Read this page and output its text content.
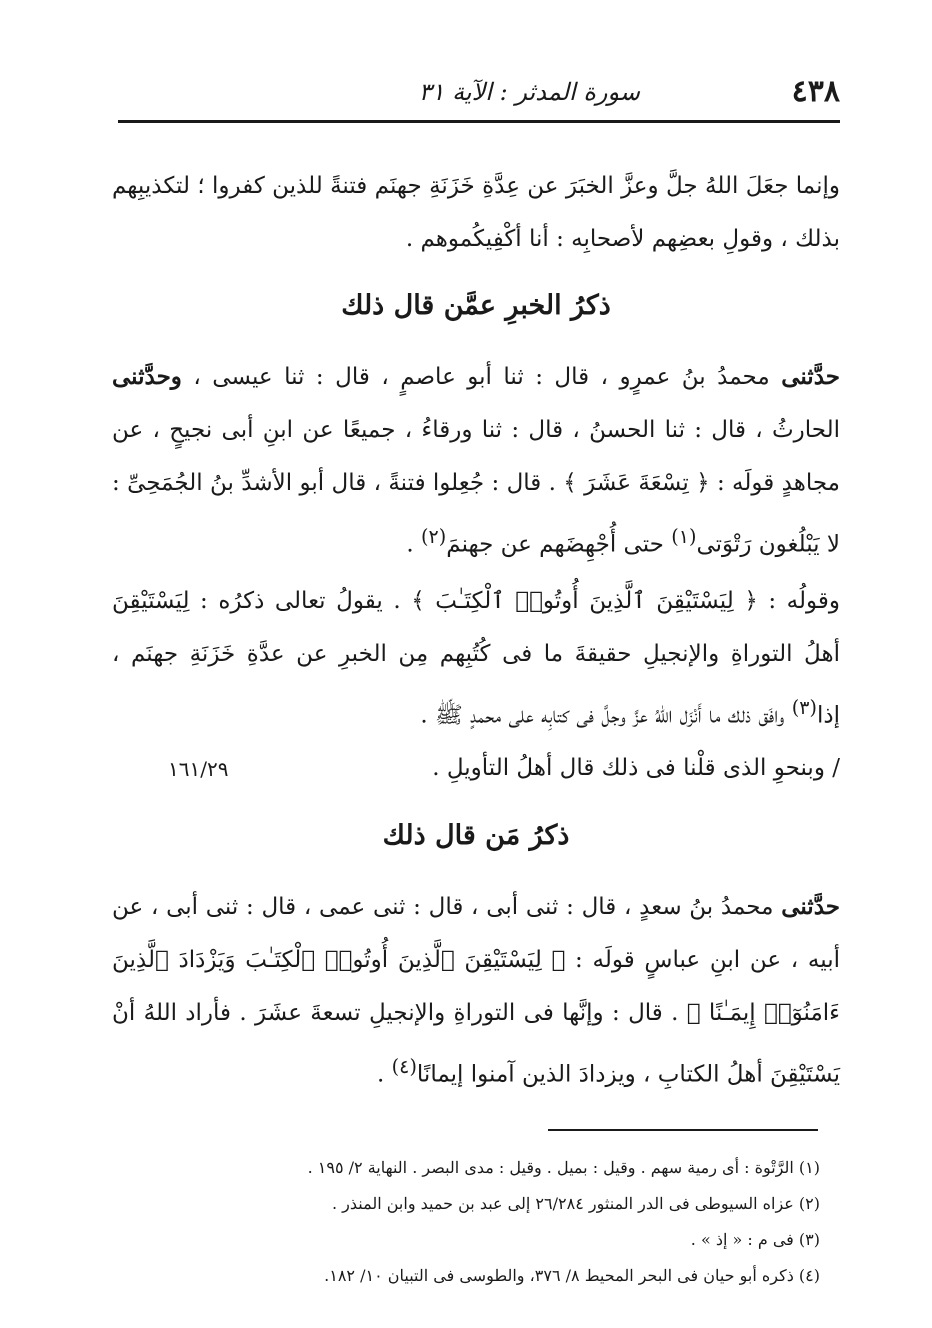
٤٣٨
سورة المدثر : الآية ٣١
وإنما جعَلَ اللهُ جلَّ وعزَّ الخبَرَ عن عِدَّةِ خَزَنَةِ جهنَم فتنةً للذين كفروا ؛ لتكذيبِهم بذلك ، وقولِ بعضِهم لأصحابِه : أنا أكْفِيكُموهم .
ذكرُ الخبرِ عمَّن قال ذلك
حدَّثنى محمدُ بنُ عمرٍو ، قال : ثنا أبو عاصمٍ ، قال : ثنا عيسى ، وحدَّثنى الحارثُ ، قال : ثنا الحسنُ ، قال : ثنا ورقاءُ ، جميعًا عن ابنِ أبى نجيحٍ ، عن مجاهدٍ قولَه : ﴿ تِسْعَةَ عَشَرَ ﴾ . قال : جُعِلوا فتنةً ، قال أبو الأشدِّ بنُ الجُمَحِىِّ : لا يَبْلُغون رَتْوَتى$^{(١)}$ حتى أُجْهِضَهم عن جهنمَ$^{(٢)}$ .
وقولُه : ﴿ لِيَسْتَيْقِنَ ٱلَّذِينَ أُوتُوا۟ ٱلْكِتَـٰبَ ﴾ . يقولُ تعالى ذكرُه : لِيَسْتَيْقِنَ أهلُ التوراةِ والإنجيلِ حقيقةَ ما فى كُتُبِهم مِن الخبرِ عن عدَّةِ خَزَنَةِ جهنَم ، إذا$^{(٣)}$ وافَق ذلك ما أَنْزَل اللهُ عزَّ وجلَّ فى كتابِه على محمدٍ ﷺ .
/ وبنحوِ الذى قلْنا فى ذلك قال أهلُ التأويلِ .
١٦١/٢٩
ذكرُ مَن قال ذلك
حدَّثنى محمدُ بنُ سعدٍ ، قال : ثنى أبى ، قال : ثنى عمى ، قال : ثنى أبى ، عن أبيه ، عن ابنِ عباسٍ قولَه : ﴿ لِيَسْتَيْقِنَ ٱلَّذِينَ أُوتُوا۟ ٱلْكِتَـٰبَ وَيَزْدَادَ ٱلَّذِينَ ءَامَنُوٓا۟ إِيمَـٰنًا ﴾ . قال : وإنَّها فى التوراةِ والإنجيلِ تسعةَ عشَرَ . فأراد اللهُ أنْ يَسْتَيْقِنَ أهلُ الكتابِ ، ويزدادَ الذين آمنوا إيمانًا$^{(٤)}$ .
(١) الرَّتْوة : أى رمية سهم . وقيل : بميل . وقيل : مدى البصر . النهاية ٢/ ١٩٥ .
(٢) عزاه السيوطى فى الدر المنثور ٢٦/٢٨٤ إلى عبد بن حميد وابن المنذر .
(٣) فى م : « إذ » .
(٤) ذكره أبو حيان فى البحر المحيط ٨/ ٣٧٦، والطوسى فى التبيان ١٠/ ١٨٢.
